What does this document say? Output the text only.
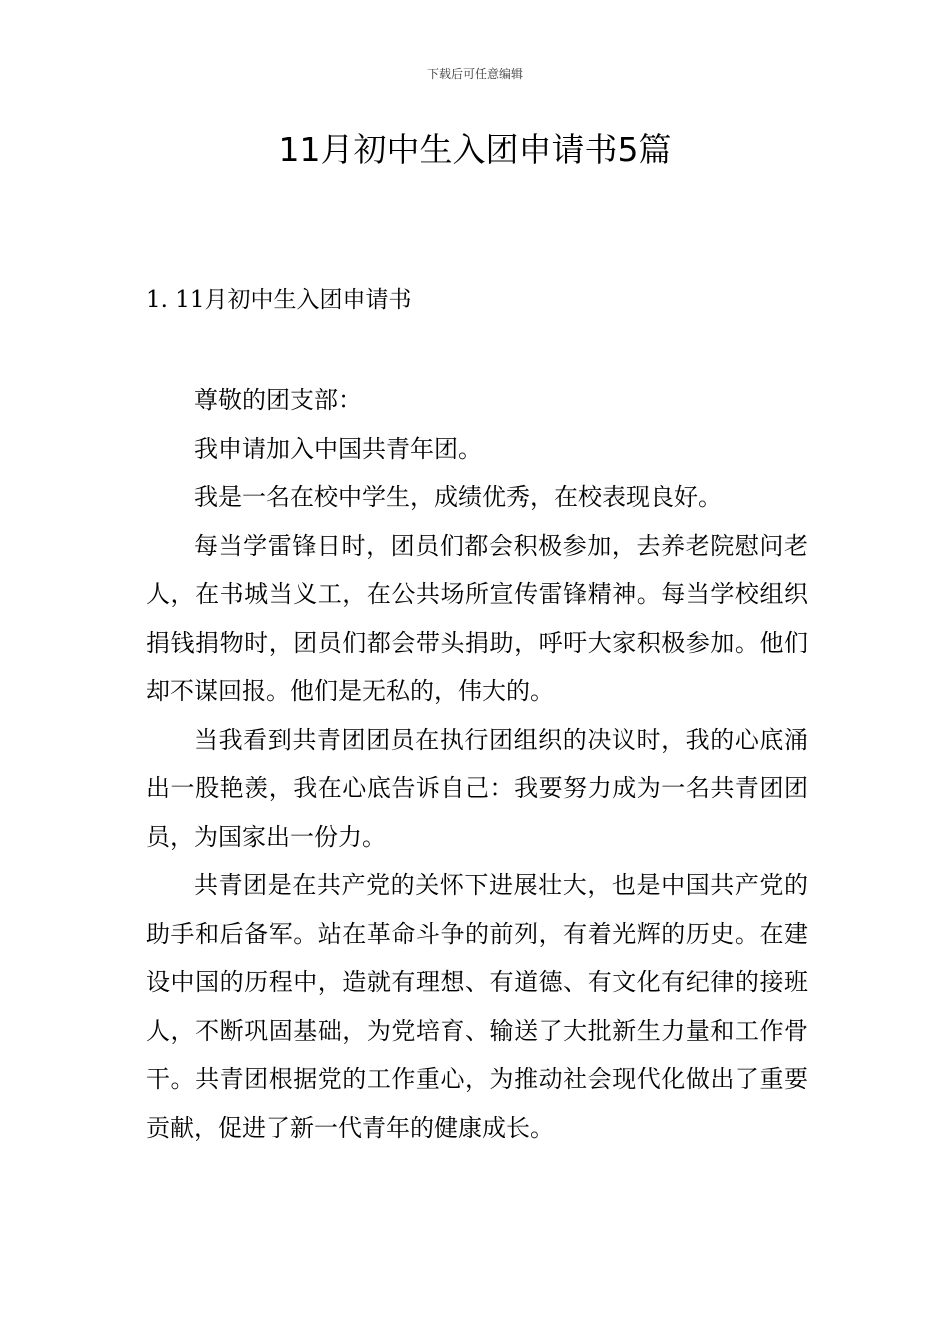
下载后可任意编辑
11月初中生入团申请书5篇
1. 11月初中生入团申请书

尊敬的团支部：

我申请加入中国共青年团。

我是一名在校中学生，成绩优秀，在校表现良好。

每当学雷锋日时，团员们都会积极参加，去养老院慰问老人，在书城当义工，在公共场所宣传雷锋精神。每当学校组织捐钱捐物时，团员们都会带头捐助，呼吁大家积极参加。他们却不谋回报。他们是无私的，伟大的。

当我看到共青团团员在执行团组织的决议时，我的心底涌出一股艳羡，我在心底告诉自己：我要努力成为一名共青团团员，为国家出一份力。

共青团是在共产党的关怀下进展壮大，也是中国共产党的助手和后备军。站在革命斗争的前列，有着光辉的历史。在建设中国的历程中，造就有理想、有道德、有文化有纪律的接班人，不断巩固基础，为党培育、输送了大批新生力量和工作骨干。共青团根据党的工作重心，为推动社会现代化做出了重要贡献，促进了新一代青年的健康成长。
